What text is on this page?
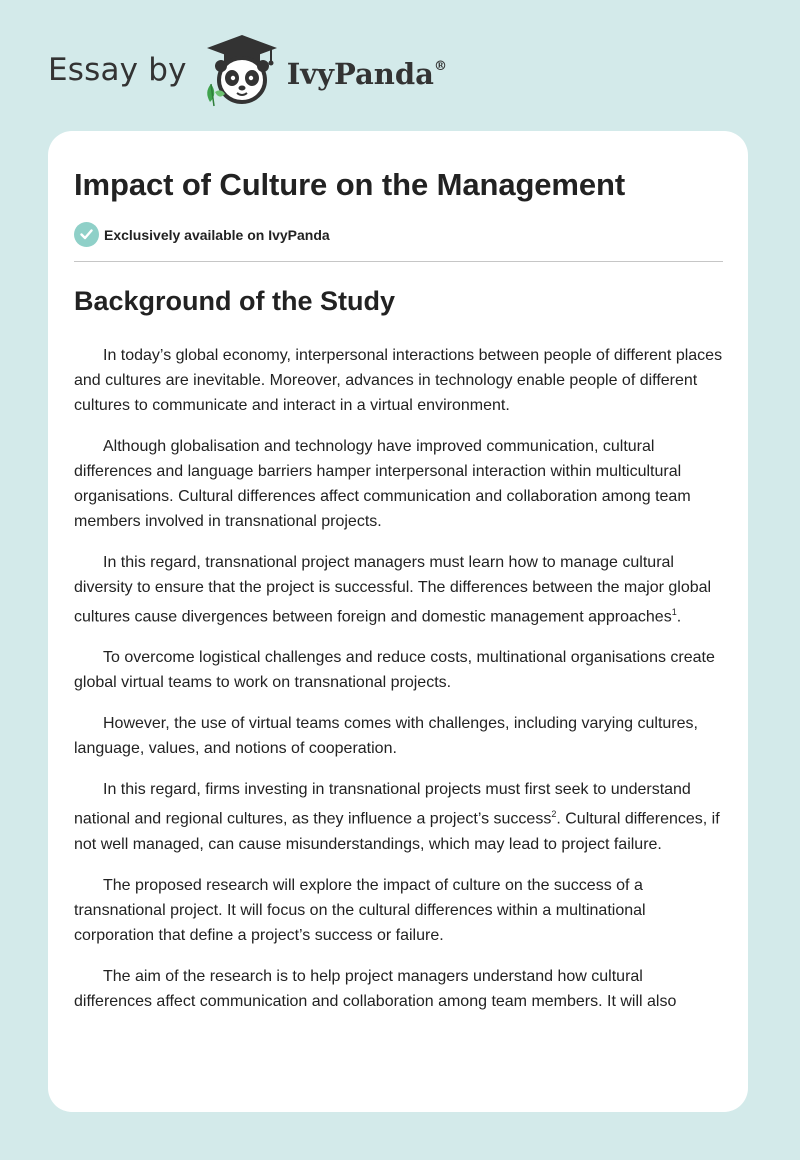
Essay by	IvyPanda®
Impact of Culture on the Management
Exclusively available on IvyPanda
Background of the Study

In today’s global economy, interpersonal interactions between people of different places and cultures are inevitable. Moreover, advances in technology enable people of different cultures to communicate and interact in a virtual environment.

Although globalisation and technology have improved communication, cultural differences and language barriers hamper interpersonal interaction within multicultural organisations. Cultural differences affect communication and collaboration among team members involved in transnational projects.

In this regard, transnational project managers must learn how to manage cultural diversity to ensure that the project is successful. The differences between the major global cultures cause divergences between foreign and domestic management approaches$^1$.

To overcome logistical challenges and reduce costs, multinational organisations create global virtual teams to work on transnational projects.

However, the use of virtual teams comes with challenges, including varying cultures, language, values, and notions of cooperation.

In this regard, firms investing in transnational projects must first seek to understand national and regional cultures, as they influence a project’s success$^2$. Cultural differences, if not well managed, can cause misunderstandings, which may lead to project failure.

The proposed research will explore the impact of culture on the success of a transnational project. It will focus on the cultural differences within a multinational corporation that define a project’s success or failure.

The aim of the research is to help project managers understand how cultural differences affect communication and collaboration among team members. It will also
